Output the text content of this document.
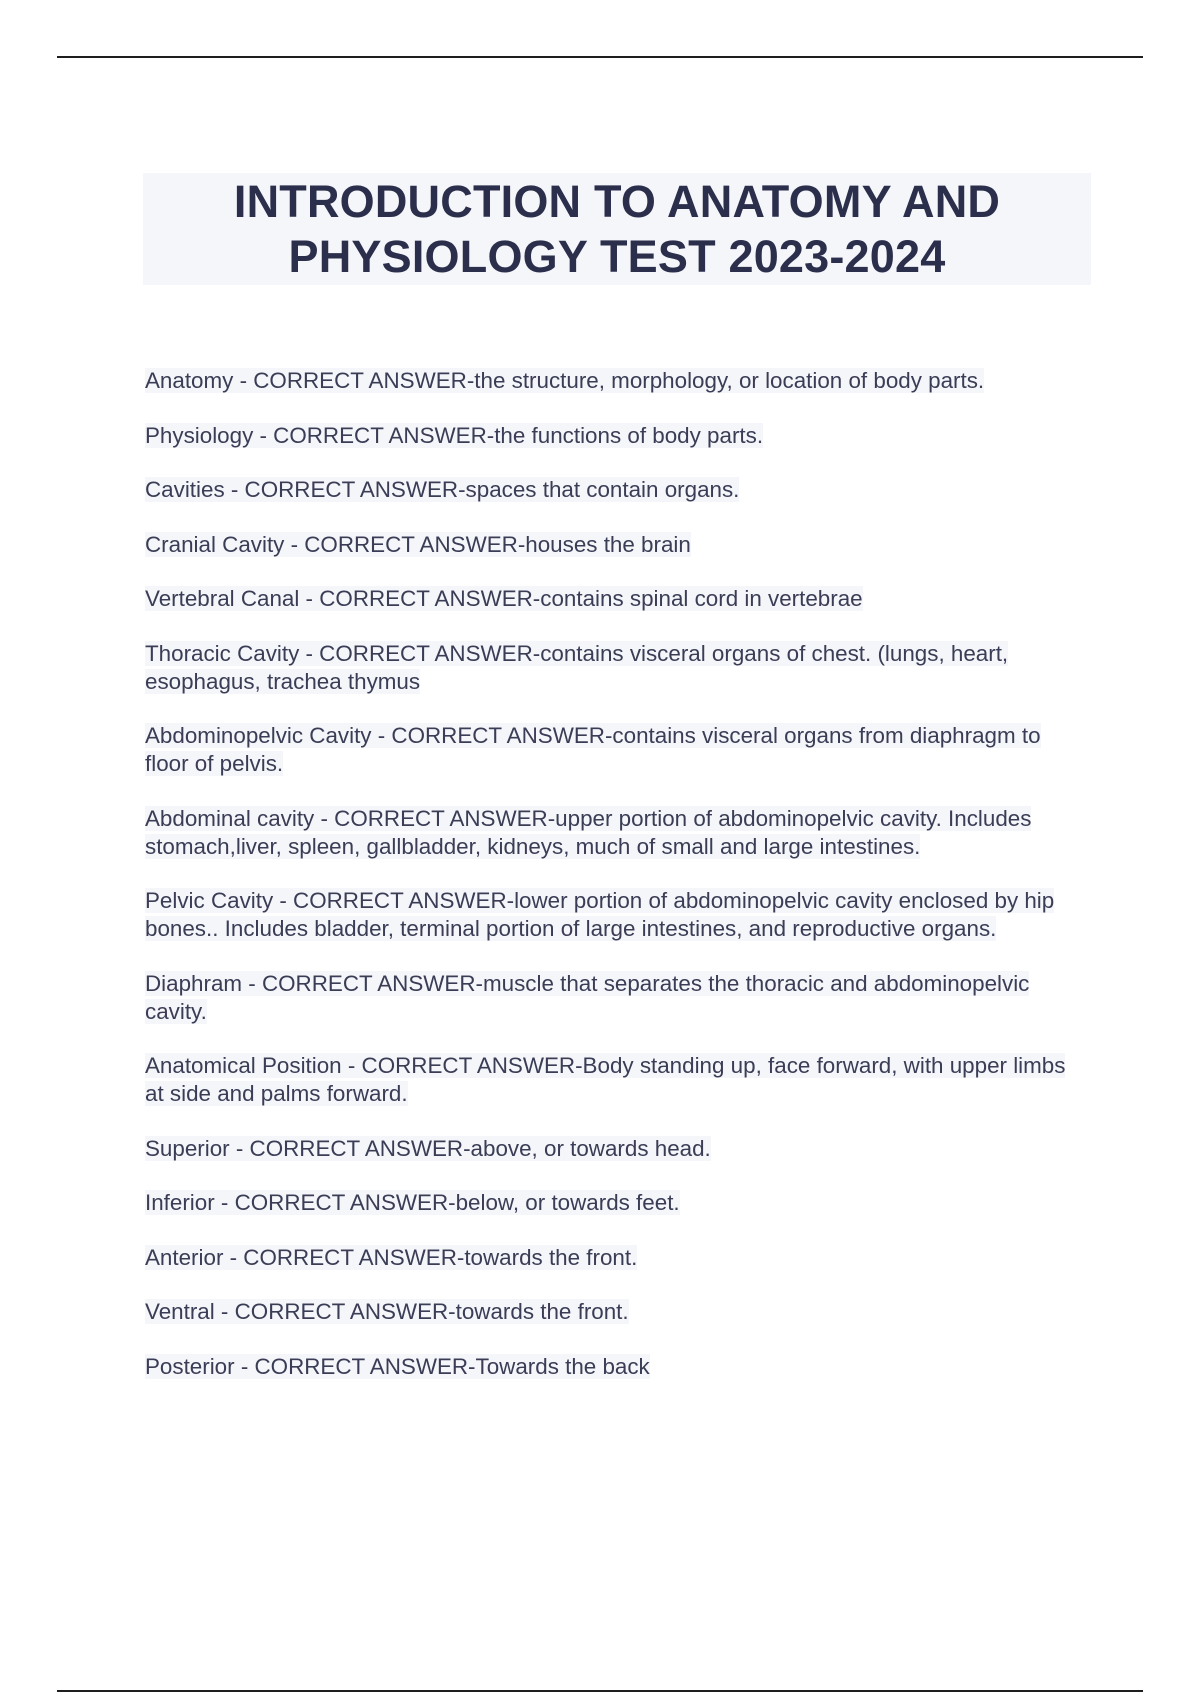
INTRODUCTION TO ANATOMY AND
PHYSIOLOGY TEST 2023-2024
Anatomy - CORRECT ANSWER-the structure, morphology, or location of body parts.
Physiology - CORRECT ANSWER-the functions of body parts.
Cavities - CORRECT ANSWER-spaces that contain organs.
Cranial Cavity - CORRECT ANSWER-houses the brain
Vertebral Canal - CORRECT ANSWER-contains spinal cord in vertebrae
Thoracic Cavity - CORRECT ANSWER-contains visceral organs of chest. (lungs, heart, esophagus, trachea thymus
Abdominopelvic Cavity - CORRECT ANSWER-contains visceral organs from diaphragm to floor of pelvis.
Abdominal cavity - CORRECT ANSWER-upper portion of abdominopelvic cavity. Includes stomach,liver, spleen, gallbladder, kidneys, much of small and large intestines.
Pelvic Cavity - CORRECT ANSWER-lower portion of abdominopelvic cavity enclosed by hip bones.. Includes bladder, terminal portion of large intestines, and reproductive organs.
Diaphram - CORRECT ANSWER-muscle that separates the thoracic and abdominopelvic cavity.
Anatomical Position - CORRECT ANSWER-Body standing up, face forward, with upper limbs at side and palms forward.
Superior - CORRECT ANSWER-above, or towards head.
Inferior - CORRECT ANSWER-below, or towards feet.
Anterior - CORRECT ANSWER-towards the front.
Ventral - CORRECT ANSWER-towards the front.
Posterior - CORRECT ANSWER-Towards the back
